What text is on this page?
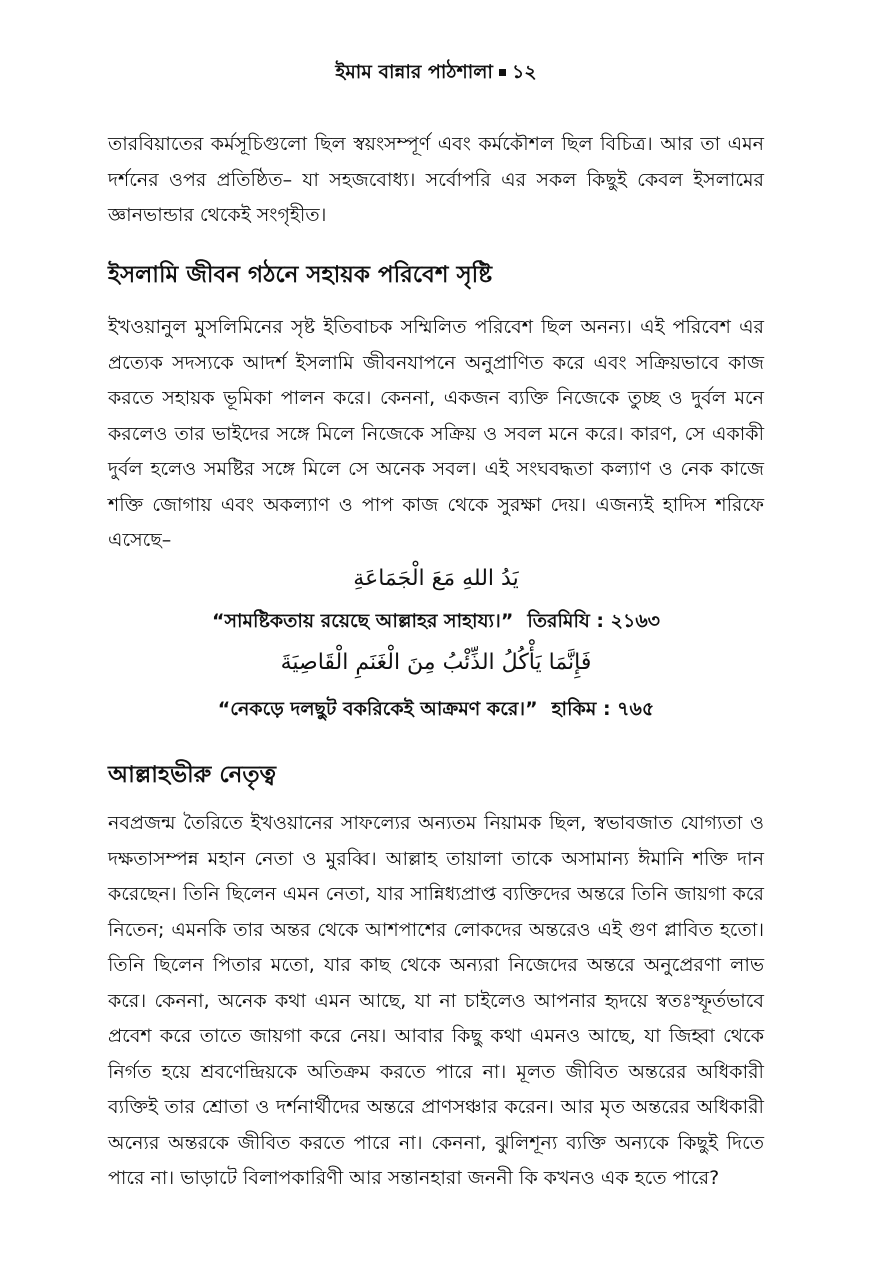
ইমাম বান্নার পাঠশালা ১২

তারবিয়াতের কর্মসূচিগুলো ছিল স্বয়ংসম্পূর্ণ এবং কর্মকৌশল ছিল বিচিত্র। আর তা এমন দর্শনের ওপর প্রতিষ্ঠিত– যা সহজবোধ্য। সর্বোপরি এর সকল কিছুই কেবল ইসলামের জ্ঞানভান্ডার থেকেই সংগৃহীত।

ইসলামি জীবন গঠনে সহায়ক পরিবেশ সৃষ্টি

ইখওয়ানুল মুসলিমিনের সৃষ্ট ইতিবাচক সম্মিলিত পরিবেশ ছিল অনন্য। এই পরিবেশ এর প্রত্যেক সদস্যকে আদর্শ ইসলামি জীবনযাপনে অনুপ্রাণিত করে এবং সক্রিয়ভাবে কাজ করতে সহায়ক ভূমিকা পালন করে। কেননা, একজন ব্যক্তি নিজেকে তুচ্ছ ও দুর্বল মনে করলেও তার ভাইদের সঙ্গে মিলে নিজেকে সক্রিয় ও সবল মনে করে। কারণ, সে একাকী দুর্বল হলেও সমষ্টির সঙ্গে মিলে সে অনেক সবল। এই সংঘবদ্ধতা কল্যাণ ও নেক কাজে শক্তি জোগায় এবং অকল্যাণ ও পাপ কাজ থেকে সুরক্ষা দেয়। এজন্যই হাদিস শরিফে এসেছে–

يَدُ اللهِ مَعَ الْجَمَاعَةِ
“সামষ্টিকতায় রয়েছে আল্লাহর সাহায্য।” তিরমিযি : ২১৬৩
فَإِنَّمَا يَأْكُلُ الذِّئْبُ مِنَ الْغَنَمِ الْقَاصِيَةَ
“নেকড়ে দলছুট বকরিকেই আক্রমণ করে।” হাকিম : ৭৬৫
আল্লাহভীরু নেতৃত্ব

নবপ্রজন্ম তৈরিতে ইখওয়ানের সাফল্যের অন্যতম নিয়ামক ছিল, স্বভাবজাত যোগ্যতা ও দক্ষতাসম্পন্ন মহান নেতা ও মুরব্বি। আল্লাহ তায়ালা তাকে অসামান্য ঈমানি শক্তি দান করেছেন। তিনি ছিলেন এমন নেতা, যার সান্নিধ্যপ্রাপ্ত ব্যক্তিদের অন্তরে তিনি জায়গা করে নিতেন; এমনকি তার অন্তর থেকে আশপাশের লোকদের অন্তরেও এই গুণ প্লাবিত হতো। তিনি ছিলেন পিতার মতো, যার কাছ থেকে অন্যরা নিজেদের অন্তরে অনুপ্রেরণা লাভ করে। কেননা, অনেক কথা এমন আছে, যা না চাইলেও আপনার হৃদয়ে স্বতঃস্ফূর্তভাবে প্রবেশ করে তাতে জায়গা করে নেয়। আবার কিছু কথা এমনও আছে, যা জিহ্বা থেকে নির্গত হয়ে শ্রবণেন্দ্রিয়কে অতিক্রম করতে পারে না। মূলত জীবিত অন্তরের অধিকারী ব্যক্তিই তার শ্রোতা ও দর্শনার্থীদের অন্তরে প্রাণসঞ্চার করেন। আর মৃত অন্তরের অধিকারী অন্যের অন্তরকে জীবিত করতে পারে না। কেননা, ঝুলিশূন্য ব্যক্তি অন্যকে কিছুই দিতে পারে না। ভাড়াটে বিলাপকারিণী আর সন্তানহারা জননী কি কখনও এক হতে পারে?
